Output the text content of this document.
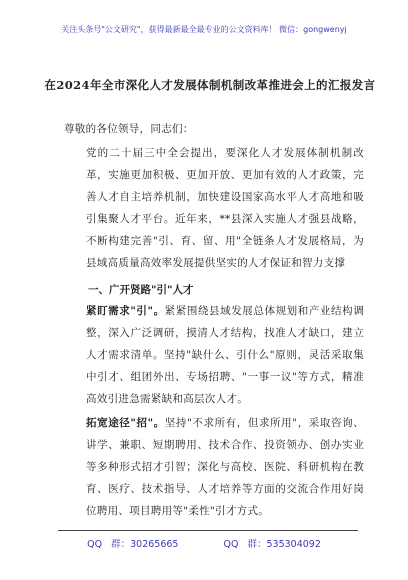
关注头条号"公文研究"，获得最新最全最专业的公文资料库！ 微信：gongwenyj
在2024年全市深化人才发展体制机制改革推进会上的汇报发言
尊敬的各位领导，同志们：
党的二十届三中全会提出，要深化人才发展体制机制改革，实施更加积极、更加开放、更加有效的人才政策，完善人才自主培养机制，加快建设国家高水平人才高地和吸引集聚人才平台。近年来，**县深入实施人才强县战略，不断构建完善"引、育、留、用"全链条人才发展格局，为县域高质量高效率发展提供坚实的人才保证和智力支撑
一、广开贤路"引"人才
紧盯需求"引"。紧紧围绕县域发展总体规划和产业结构调整，深入广泛调研，摸清人才结构，找准人才缺口，建立人才需求清单。坚持"缺什么、引什么"原则，灵活采取集中引才、组团外出、专场招聘、"一事一议"等方式，精准高效引进急需紧缺和高层次人才。
拓宽途径"招"。坚持"不求所有，但求所用"，采取咨询、讲学、兼职、短期聘用、技术合作、投资领办、创办实业等多种形式招才引智；深化与高校、医院、科研机构在教育、医疗、技术指导、人才培养等方面的交流合作用好岗位聘用、项目聘用等"柔性"引才方式。
QQ 群：30265665	QQ 群：535304092
